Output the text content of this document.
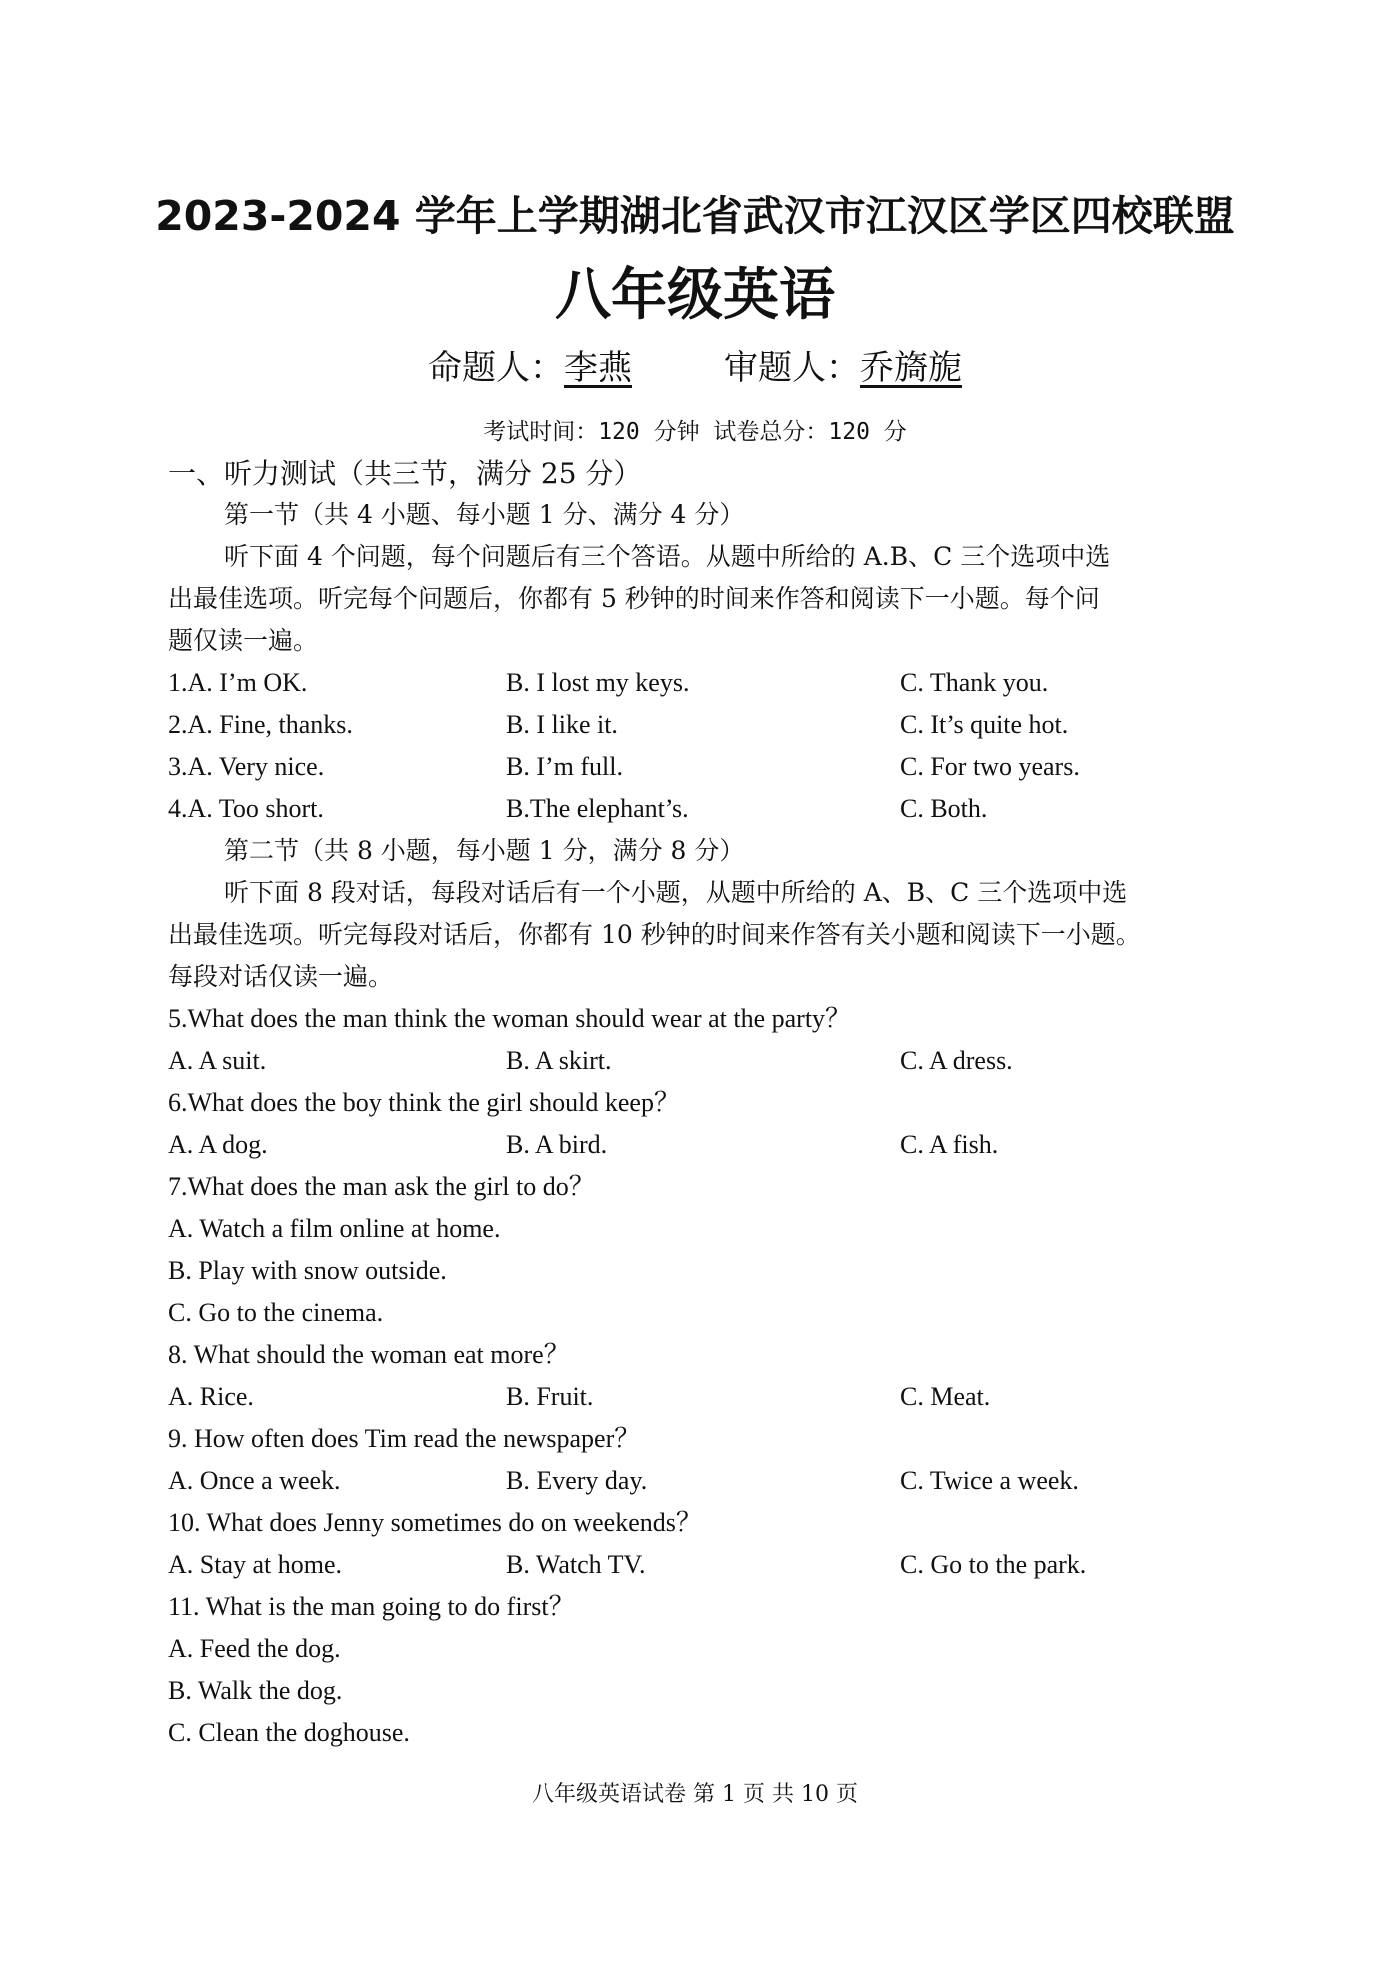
2023-2024 学年上学期湖北省武汉市江汉区学区四校联盟
八年级英语
命题人：李燕	审题人：乔旖旎
考试时间：120 分钟 试卷总分：120 分
一、听力测试（共三节，满分 25 分）
第一节（共 4 小题、每小题 1 分、满分 4 分）
听下面 4 个问题，每个问题后有三个答语。从题中所给的 A.B、C 三个选项中选
出最佳选项。听完每个问题后，你都有 5 秒钟的时间来作答和阅读下一小题。每个问
题仅读一遍。
1.A. I’m OK.	B. I lost my keys.	C. Thank you.
2.A. Fine, thanks.	B. I like it.	C. It’s quite hot.
3.A. Very nice.	B. I’m full.	C. For two years.
4.A. Too short.	B.The elephant’s.	C. Both.
第二节（共 8 小题，每小题 1 分，满分 8 分）
听下面 8 段对话，每段对话后有一个小题，从题中所给的 A、B、C 三个选项中选
出最佳选项。听完每段对话后，你都有 10 秒钟的时间来作答有关小题和阅读下一小题。
每段对话仅读一遍。
5.What does the man think the woman should wear at the party？
A. A suit.	B. A skirt.	C. A dress.
6.What does the boy think the girl should keep？
A. A dog.	B. A bird.	C. A fish.
7.What does the man ask the girl to do？
A. Watch a film online at home.
B. Play with snow outside.
C. Go to the cinema.
8. What should the woman eat more？
A. Rice.	B. Fruit.	C. Meat.
9. How often does Tim read the newspaper？
A. Once a week.	B. Every day.	C. Twice a week.
10. What does Jenny sometimes do on weekends？
A. Stay at home.	B. Watch TV.	C. Go to the park.
11. What is the man going to do first？
A. Feed the dog.
B. Walk the dog.
C. Clean the doghouse.
八年级英语试卷 第 1 页 共 10 页
